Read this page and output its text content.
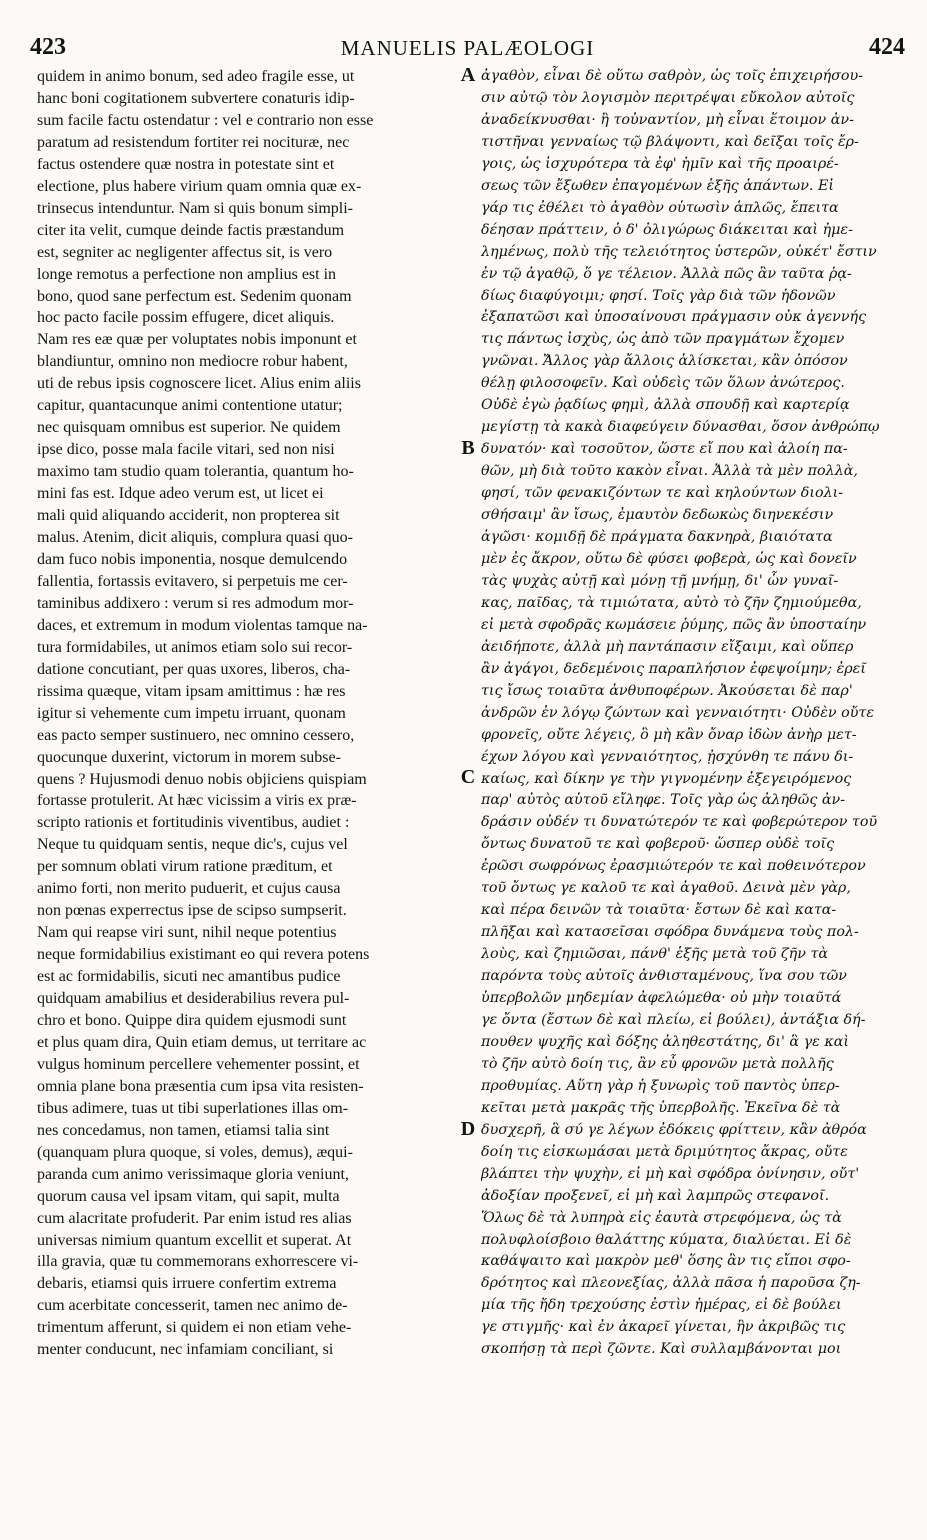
423	MANUELIS PALÆOLOGI	424
quidem in animo bonum, sed adeo fragile esse, ut
hanc boni cogitationem subvertere conaturis idip-
sum facile factu ostendatur : vel e contrario non esse
paratum ad resistendum fortiter rei nocituræ, nec
factus ostendere quæ nostra in potestate sint et
electione, plus habere virium quam omnia quæ ex-
trinsecus intenduntur. Nam si quis bonum simpli-
citer ita velit, cumque deinde factis præstandum
est, segniter ac negligenter affectus sit, is vero
longe remotus a perfectione non amplius est in
bono, quod sane perfectum est. Sedenim quonam
hoc pacto facile possim effugere, dicet aliquis.
Nam res eæ quæ per voluptates nobis imponunt et
blandiuntur, omnino non mediocre robur habent,
uti de rebus ipsis cognoscere licet. Alius enim aliis
capitur, quantacunque animi contentione utatur;
nec quisquam omnibus est superior. Ne quidem
ipse dico, posse mala facile vitari, sed non nisi
maximo tam studio quam tolerantia, quantum ho-
mini fas est. Idque adeo verum est, ut licet ei
mali quid aliquando acciderit, non propterea sit
malus. Atenim, dicit aliquis, complura quasi quo-
dam fuco nobis imponentia, nosque demulcendo
fallentia, fortassis evitavero, si perpetuis me cer-
taminibus addixero : verum si res admodum mor-
daces, et extremum in modum violentas tamque na-
tura formidabiles, ut animos etiam solo sui recor-
datione concutiant, per quas uxores, liberos, cha-
rissima quæque, vitam ipsam amittimus : hæ res
igitur si vehemente cum impetu irruant, quonam
eas pacto semper sustinuero, nec omnino cessero,
quocunque duxerint, victorum in morem subse-
quens ? Hujusmodi denuo nobis objiciens quispiam
fortasse protulerit. At hæc vicissim a viris ex præ-
scripto rationis et fortitudinis viventibus, audiet :
Neque tu quidquam sentis, neque dic's, cujus vel
per somnum oblati virum ratione præditum, et
animo forti, non merito puduerit, et cujus causa
non pœnas experrectus ipse de scipso sumpserit.
Nam qui reapse viri sunt, nihil neque potentius
neque formidabilius existimant eo qui revera potens
est ac formidabilis, sicuti nec amantibus pudice
quidquam amabilius et desiderabilius revera pul-
chro et bono. Quippe dira quidem ejusmodi sunt
et plus quam dira, Quin etiam demus, ut territare ac
vulgus hominum percellere vehementer possint, et
omnia plane bona præsentia cum ipsa vita resisten-
tibus adimere, tuas ut tibi superlationes illas om-
nes concedamus, non tamen, etiamsi talia sint
(quanquam plura quoque, si voles, demus), æqui-
paranda cum animo verissimaque gloria veniunt,
quorum causa vel ipsam vitam, qui sapit, multa
cum alacritate profuderit. Par enim istud res alias
universas nimium quantum excellit et superat. At
illa gravia, quæ tu commemorans exhorrescere vi-
debaris, etiamsi quis irruere confertim extrema
cum acerbitate concesserit, tamen nec animo de-
trimentum afferunt, si quidem ei non etiam vehe-
menter conducunt, nec infamiam conciliant, si
A
B
C
D
ἀγαθὸν, εἶναι δὲ οὕτω σαθρὸν, ὡς τοῖς ἐπιχειρήσου-
σιν αὐτῷ τὸν λογισμὸν περιτρέψαι εὔκολον αὐτοῖς
ἀναδείκνυσθαι· ἢ τοὐναντίον, μὴ εἶναι ἕτοιμον ἀν-
τιστῆναι γενναίως τῷ βλάψοντι, καὶ δεῖξαι τοῖς ἔρ-
γοις, ὡς ἰσχυρότερα τὰ ἐφ' ἡμῖν καὶ τῆς προαιρέ-
σεως τῶν ἔξωθεν ἐπαγομένων ἑξῆς ἁπάντων. Εἰ
γάρ τις ἐθέλει τὸ ἀγαθὸν οὑτωσὶν ἁπλῶς, ἔπειτα
δέησαν πράττειν, ὁ δ' ὀλιγώρως διάκειται καὶ ἠμε-
λημένως, πολὺ τῆς τελειότητος ὑστερῶν, οὐκέτ' ἔστιν
ἐν τῷ ἀγαθῷ, ὅ γε τέλειον. Ἀλλὰ πῶς ἂν ταῦτα ῥᾳ-
δίως διαφύγοιμι; φησί. Τοῖς γὰρ διὰ τῶν ἡδονῶν
ἐξαπατῶσι καὶ ὑποσαίνουσι πράγμασιν οὐκ ἀγεννής
τις πάντως ἰσχὺς, ὡς ἀπὸ τῶν πραγμάτων ἔχομεν
γνῶναι. Ἄλλος γὰρ ἄλλοις ἁλίσκεται, κἂν ὁπόσον
θέλῃ φιλοσοφεῖν. Καὶ οὐδεὶς τῶν ὅλων ἀνώτερος.
Οὐδὲ ἐγὼ ῥᾳδίως φημὶ, ἀλλὰ σπουδῇ καὶ καρτερίᾳ
μεγίστῃ τὰ κακὰ διαφεύγειν δύνασθαι, ὅσον ἀνθρώπῳ
δυνατόν· καὶ τοσοῦτον, ὥστε εἴ που καὶ ἁλοίη πα-
θῶν, μὴ διὰ τοῦτο κακὸν εἶναι. Ἀλλὰ τὰ μὲν πολλὰ,
φησί, τῶν φενακιζόντων τε καὶ κηλούντων διολι-
σθήσαιμ' ἂν ἴσως, ἐμαυτὸν δεδωκὼς διηνεκέσιν
ἀγῶσι· κομιδῇ δὲ πράγματα δακνηρὰ, βιαιότατα
μὲν ἐς ἄκρον, οὕτω δὲ φύσει φοβερὰ, ὡς καὶ δονεῖν
τὰς ψυχὰς αὐτῇ καὶ μόνῃ τῇ μνήμῃ, δι' ὧν γυναῖ-
κας, παῖδας, τὰ τιμιώτατα, αὐτὸ τὸ ζῆν ζημιούμεθα,
εἰ μετὰ σφοδρᾶς κωμάσειε ῥύμης, πῶς ἂν ὑποσταίην
ἀειδήποτε, ἀλλὰ μὴ παντάπασιν εἴξαιμι, καὶ οὕπερ
ἂν ἀγάγοι, δεδεμένοις παραπλήσιον ἐφεψοίμην; ἐρεῖ
τις ἴσως τοιαῦτα ἀνθυποφέρων. Ἀκούσεται δὲ παρ'
ἀνδρῶν ἐν λόγῳ ζώντων καὶ γενναιότητι· Οὐδὲν οὔτε
φρονεῖς, οὔτε λέγεις, ὃ μὴ κἂν ὄναρ ἰδὼν ἀνὴρ μετ-
έχων λόγου καὶ γενναιότητος, ᾐσχύνθη τε πάνυ δι-
καίως, καὶ δίκην γε τὴν γιγνομένην ἐξεγειρόμενος
παρ' αὐτὸς αὑτοῦ εἴληφε. Τοῖς γὰρ ὡς ἀληθῶς ἀν-
δράσιν οὐδέν τι δυνατώτερόν τε καὶ φοβερώτερον τοῦ
ὄντως δυνατοῦ τε καὶ φοβεροῦ· ὥσπερ οὐδὲ τοῖς
ἐρῶσι σωφρόνως ἐρασμιώτερόν τε καὶ ποθεινότερον
τοῦ ὄντως γε καλοῦ τε καὶ ἀγαθοῦ. Δεινὰ μὲν γὰρ,
καὶ πέρα δεινῶν τὰ τοιαῦτα· ἔστων δὲ καὶ κατα-
πλῆξαι καὶ κατασεῖσαι σφόδρα δυνάμενα τοὺς πολ-
λοὺς, καὶ ζημιῶσαι, πάνθ' ἑξῆς μετὰ τοῦ ζῆν τὰ
παρόντα τοὺς αὐτοῖς ἀνθισταμένους, ἵνα σου τῶν
ὑπερβολῶν μηδεμίαν ἀφελώμεθα· οὐ μὴν τοιαῦτά
γε ὄντα (ἔστων δὲ καὶ πλείω, εἰ βούλει), ἀντάξια δή-
πουθεν ψυχῆς καὶ δόξης ἀληθεστάτης, δι' ἃ γε καὶ
τὸ ζῆν αὐτὸ δοίη τις, ἂν εὖ φρονῶν μετὰ πολλῆς
προθυμίας. Αὕτη γὰρ ἡ ξυνωρὶς τοῦ παντὸς ὑπερ-
κεῖται μετὰ μακρᾶς τῆς ὑπερβολῆς. Ἐκεῖνα δὲ τὰ
δυσχερῆ, ἃ σύ γε λέγων ἐδόκεις φρίττειν, κἂν ἀθρόα
δοίη τις εἰσκωμάσαι μετὰ δριμύτητος ἄκρας, οὔτε
βλάπτει τὴν ψυχὴν, εἰ μὴ καὶ σφόδρα ὀνίνησιν, οὔτ'
ἀδοξίαν προξενεῖ, εἰ μὴ καὶ λαμπρῶς στεφανοῖ.
Ὅλως δὲ τὰ λυπηρὰ εἰς ἑαυτὰ στρεφόμενα, ὡς τὰ
πολυφλοίσβοιο θαλάττης κύματα, διαλύεται. Εἰ δὲ
καθάψαιτο καὶ μακρὸν μεθ' ὅσης ἂν τις εἴποι σφο-
δρότητος καὶ πλεονεξίας, ἀλλὰ πᾶσα ἡ παροῦσα ζη-
μία τῆς ἤδη τρεχούσης ἐστὶν ἡμέρας, εἰ δὲ βούλει
γε στιγμῆς· καὶ ἐν ἀκαρεῖ γίνεται, ἣν ἀκριβῶς τις
σκοπήσῃ τὰ περὶ ζῶντε. Καὶ συλλαμβάνονται μοι
